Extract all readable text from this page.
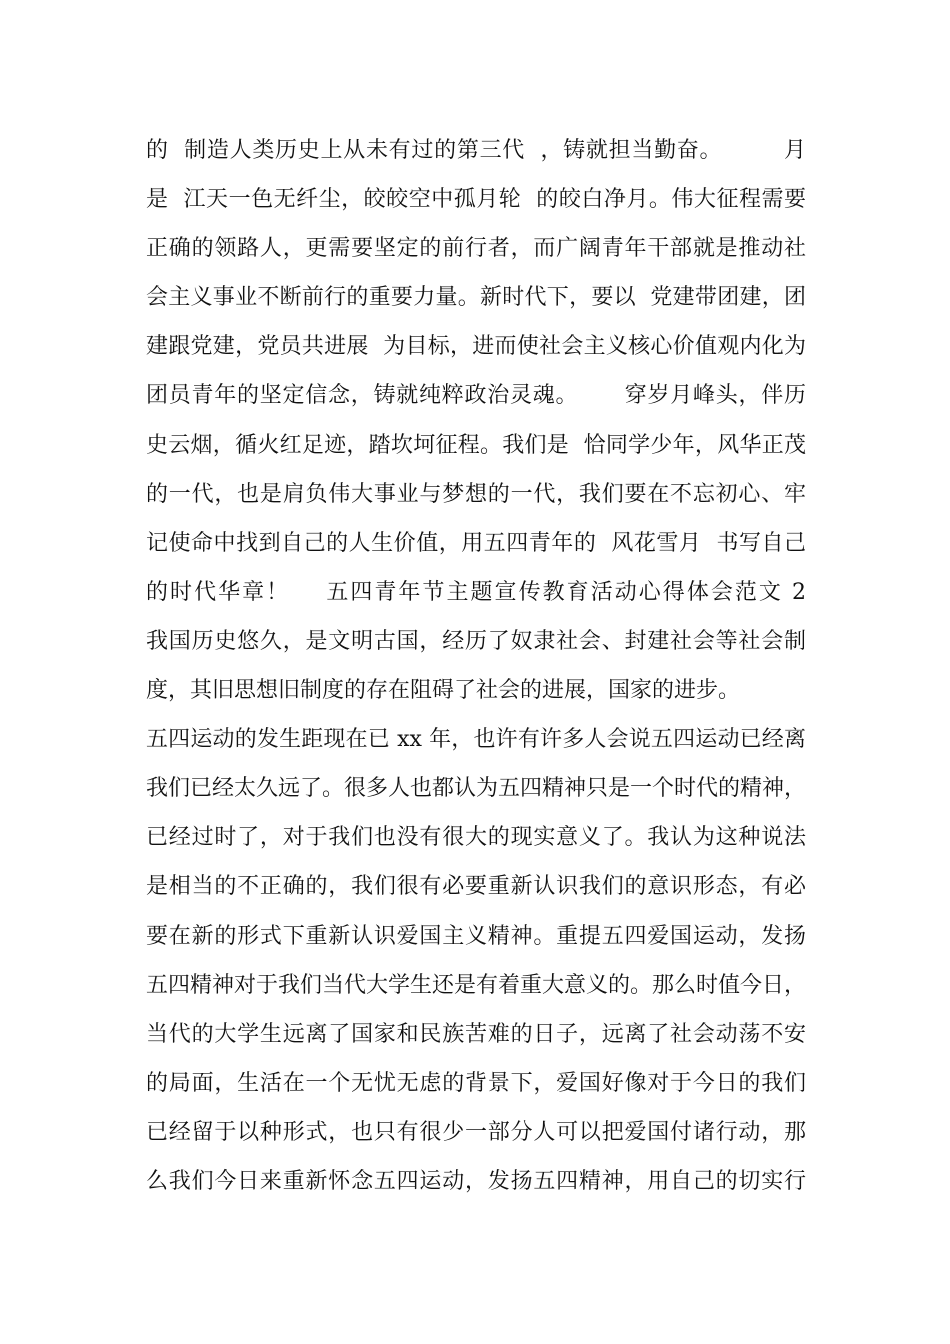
的  制造人类历史上从未有过的第三代  ，铸就担当勤奋。        月
是  江天一色无纤尘，皎皎空中孤月轮  的皎白净月。伟大征程需要
正确的领路人，更需要坚定的前行者，而广阔青年干部就是推动社
会主义事业不断前行的重要力量。新时代下，要以  党建带团建，团
建跟党建，党员共进展  为目标，进而使社会主义核心价值观内化为
团员青年的坚定信念，铸就纯粹政治灵魂。      穿岁月峰头，伴历
史云烟，循火红足迹，踏坎坷征程。我们是  恰同学少年，风华正茂
的一代，也是肩负伟大事业与梦想的一代，我们要在不忘初心、牢
记使命中找到自己的人生价值，用五四青年的  风花雪月  书写自己
的时代华章！    五四青年节主题宣传教育活动心得体会范文 2
我国历史悠久，是文明古国，经历了奴隶社会、封建社会等社会制
度，其旧思想旧制度的存在阻碍了社会的进展，国家的进步。
五四运动的发生距现在已 xx 年，也许有许多人会说五四运动已经离
我们已经太久远了。很多人也都认为五四精神只是一个时代的精神，
已经过时了，对于我们也没有很大的现实意义了。我认为这种说法
是相当的不正确的，我们很有必要重新认识我们的意识形态，有必
要在新的形式下重新认识爱国主义精神。重提五四爱国运动，发扬
五四精神对于我们当代大学生还是有着重大意义的。那么时值今日，
当代的大学生远离了国家和民族苦难的日子，远离了社会动荡不安
的局面，生活在一个无忧无虑的背景下，爱国好像对于今日的我们
已经留于以种形式，也只有很少一部分人可以把爱国付诸行动，那
么我们今日来重新怀念五四运动，发扬五四精神，用自己的切实行
